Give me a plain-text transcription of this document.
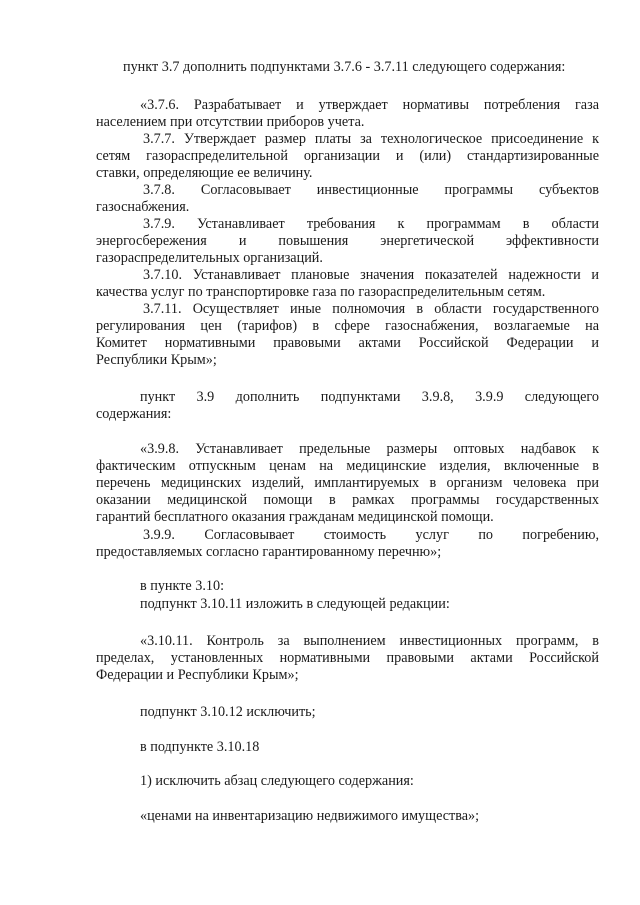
пункт 3.7 дополнить подпунктами 3.7.6 - 3.7.11 следующего содержания:
«3.7.6. Разрабатывает и утверждает нормативы потребления газа
населением при отсутствии приборов учета.
3.7.7. Утверждает размер платы за технологическое присоединение к
сетям газораспределительной организации и (или) стандартизированные
ставки, определяющие ее величину.
3.7.8. Согласовывает инвестиционные программы субъектов
газоснабжения.
3.7.9. Устанавливает требования к программам в области
энергосбережения и повышения энергетической эффективности
газораспределительных организаций.
3.7.10. Устанавливает плановые значения показателей надежности и
качества услуг по транспортировке газа по газораспределительным сетям.
3.7.11. Осуществляет иные полномочия в области государственного
регулирования цен (тарифов) в сфере газоснабжения, возлагаемые на
Комитет нормативными правовыми актами Российской Федерации и
Республики Крым»;
пункт 3.9 дополнить подпунктами 3.9.8, 3.9.9 следующего
содержания:
«3.9.8. Устанавливает предельные размеры оптовых надбавок к
фактическим отпускным ценам на медицинские изделия, включенные в
перечень медицинских изделий, имплантируемых в организм человека при
оказании медицинской помощи в рамках программы государственных
гарантий бесплатного оказания гражданам медицинской помощи.
3.9.9. Согласовывает стоимость услуг по погребению,
предоставляемых согласно гарантированному перечню»;
в пункте 3.10:
подпункт 3.10.11 изложить в следующей редакции:
«3.10.11. Контроль за выполнением инвестиционных программ, в
пределах, установленных нормативными правовыми актами Российской
Федерации и Республики Крым»;
подпункт 3.10.12 исключить;
в подпункте 3.10.18
1) исключить абзац следующего содержания:
«ценами на инвентаризацию недвижимого имущества»;
